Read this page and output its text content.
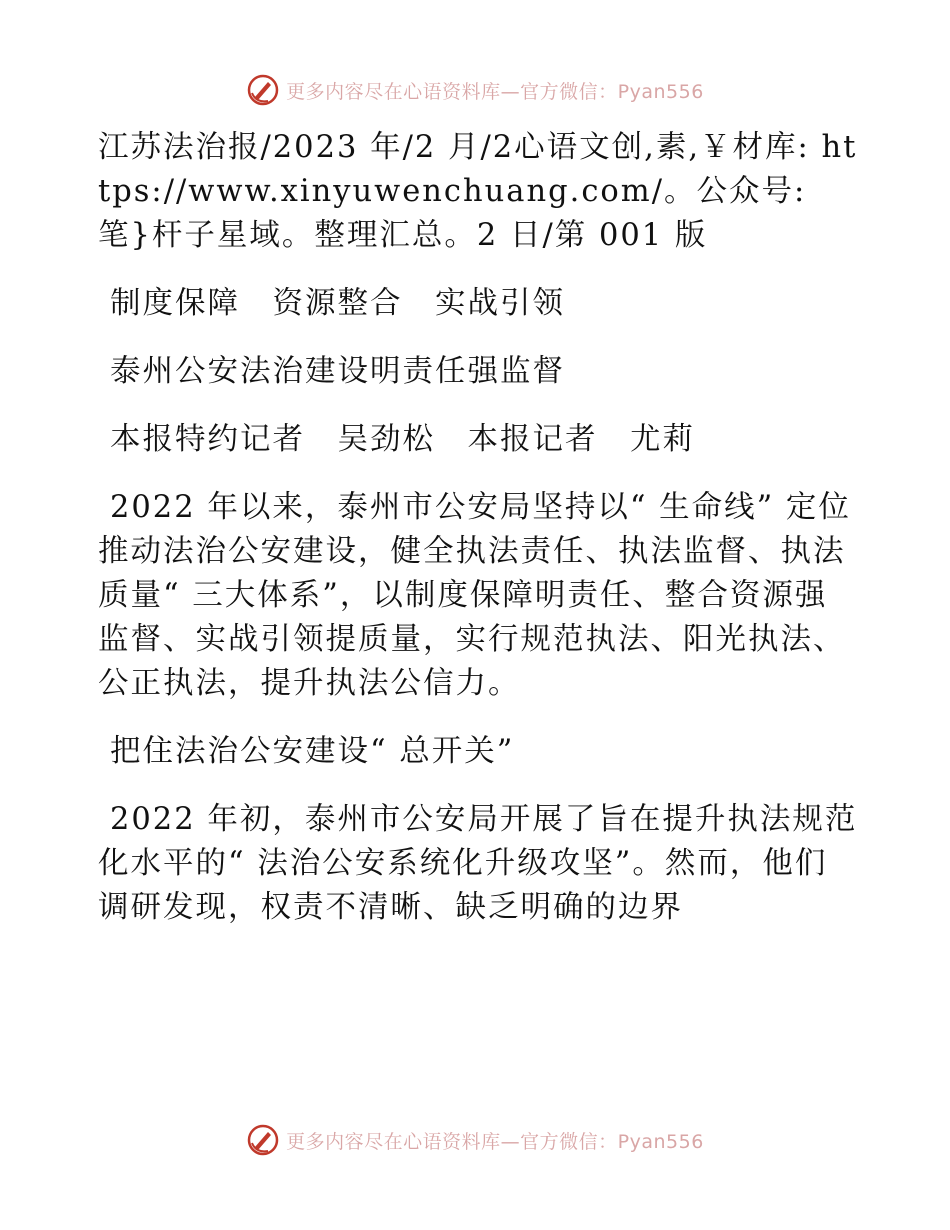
更多内容尽在心语资料库—官方微信：Pyan556

江苏法治报/2023 年/2 月/2心语文创,素,￥材库: https://www.xinyuwenchuang.com/。公众号: 笔}杆子星域。整理汇总。2 日/第 001 版

制度保障　资源整合　实战引领

泰州公安法治建设明责任强监督

本报特约记者　吴劲松　本报记者　尤莉

2022 年以来，泰州市公安局坚持以“ 生命线” 定位推动法治公安建设，健全执法责任、执法监督、执法质量“ 三大体系”，以制度保障明责任、整合资源强监督、实战引领提质量，实行规范执法、阳光执法、公正执法，提升执法公信力。

把住法治公安建设“ 总开关”

2022 年初，泰州市公安局开展了旨在提升执法规范化水平的“ 法治公安系统化升级攻坚”。然而，他们调研发现，权责不清晰、缺乏明确的边界

更多内容尽在心语资料库—官方微信：Pyan556
